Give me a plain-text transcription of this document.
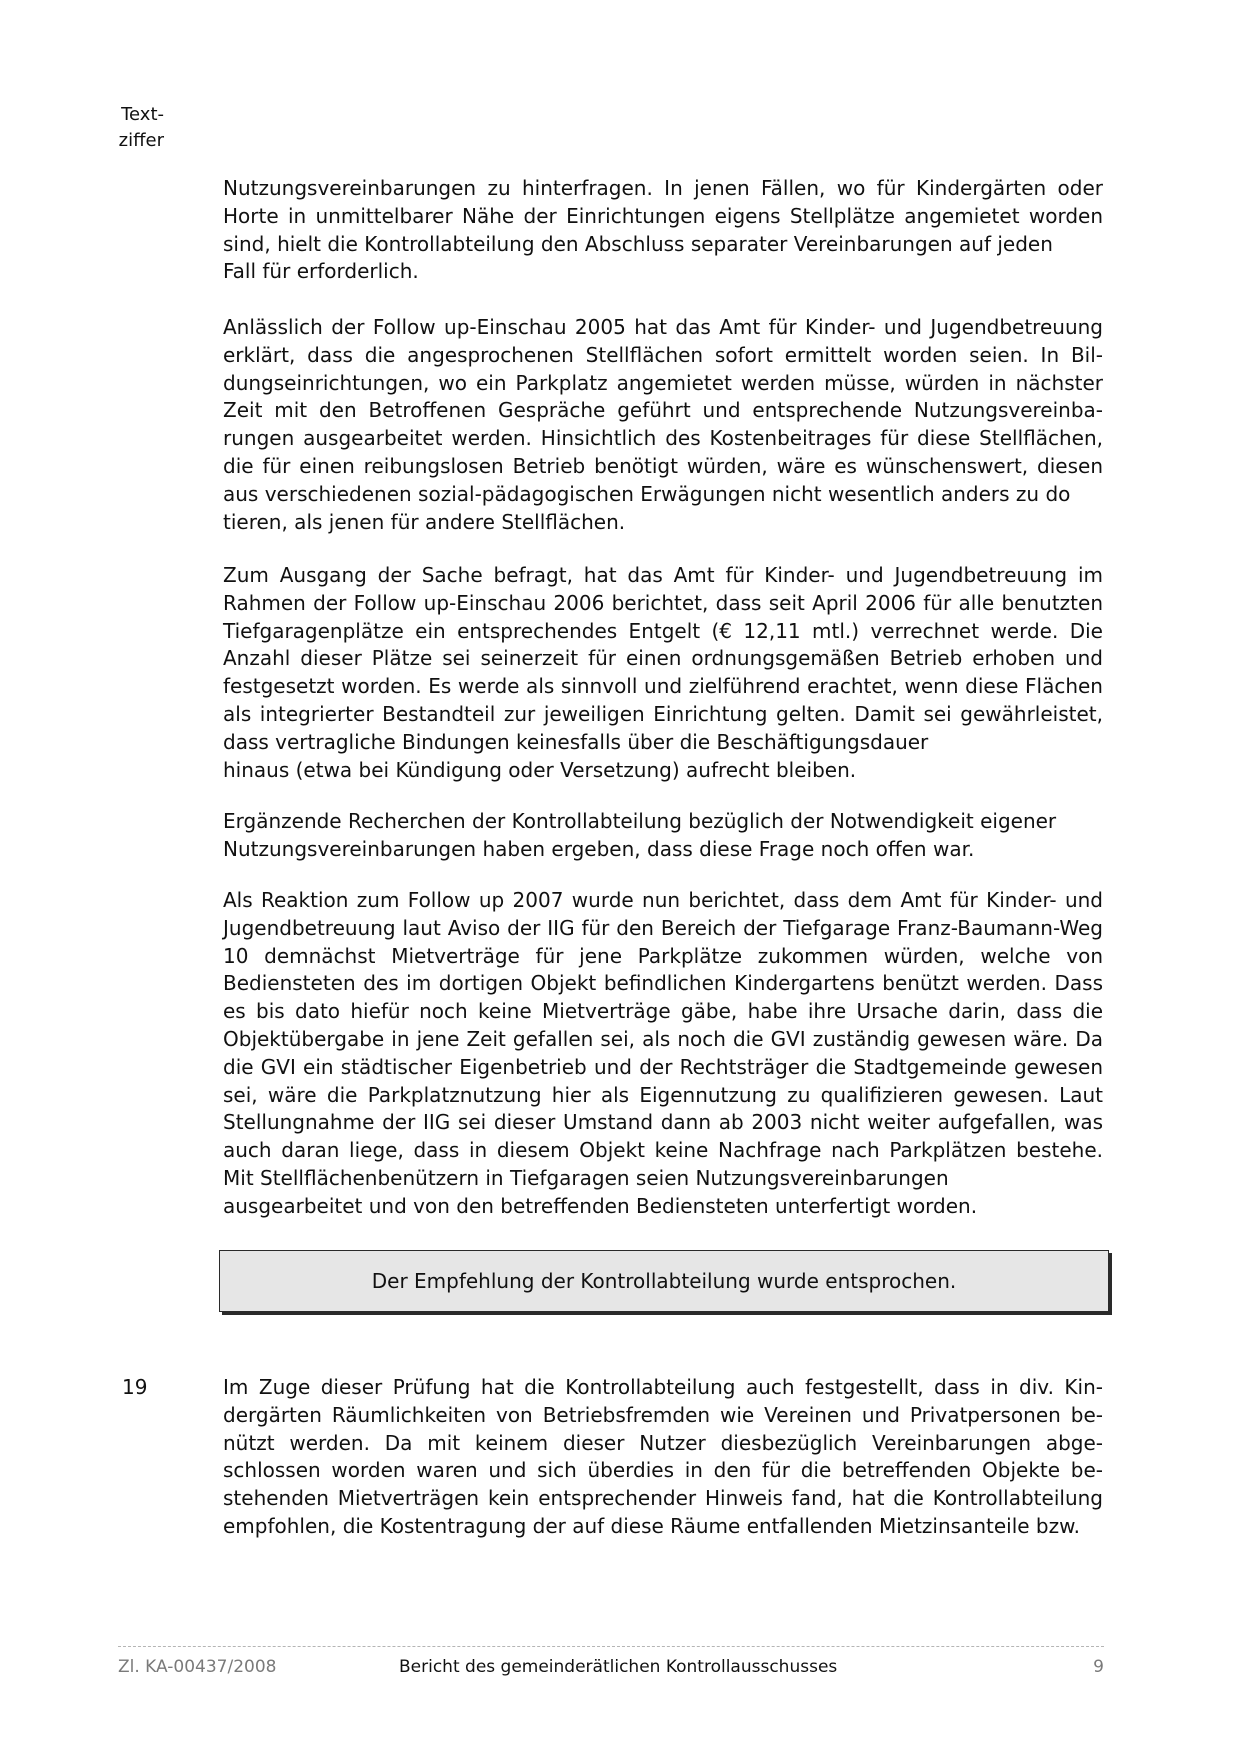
Text-
ziffer

Nutzungsvereinbarungen zu hinterfragen. In jenen Fällen, wo für Kindergärten oder Horte in unmittelbarer Nähe der Einrichtungen eigens Stellplätze angemietet worden sind, hielt die Kontrollabteilung den Abschluss separater Vereinbarungen auf jeden
Fall für erforderlich.

Anlässlich der Follow up-Einschau 2005 hat das Amt für Kinder- und Jugendbetreuung erklärt, dass die angesprochenen Stellflächen sofort ermittelt worden seien. In Bildungseinrichtungen, wo ein Parkplatz angemietet werden müsse, würden in nächster Zeit mit den Betroffenen Gespräche geführt und entsprechende Nutzungsvereinbarungen ausgearbeitet werden. Hinsichtlich des Kostenbeitrages für diese Stellflächen, die für einen reibungslosen Betrieb benötigt würden, wäre es wünschenswert, diesen aus verschiedenen sozial-pädagogischen Erwägungen nicht wesentlich anders zu do
tieren, als jenen für andere Stellflächen.

Zum Ausgang der Sache befragt, hat das Amt für Kinder- und Jugendbetreuung im Rahmen der Follow up-Einschau 2006 berichtet, dass seit April 2006 für alle benutzten Tiefgaragenplätze ein entsprechendes Entgelt (€ 12,11 mtl.) verrechnet werde. Die Anzahl dieser Plätze sei seinerzeit für einen ordnungsgemäßen Betrieb erhoben und festgesetzt worden. Es werde als sinnvoll und zielführend erachtet, wenn diese Flächen als integrierter Bestandteil zur jeweiligen Einrichtung gelten. Damit sei gewährleistet, dass vertragliche Bindungen keinesfalls über die Beschäftigungsdauer
hinaus (etwa bei Kündigung oder Versetzung) aufrecht bleiben.

Ergänzende Recherchen der Kontrollabteilung bezüglich der Notwendigkeit eigener
Nutzungsvereinbarungen haben ergeben, dass diese Frage noch offen war.

Als Reaktion zum Follow up 2007 wurde nun berichtet, dass dem Amt für Kinder- und Jugendbetreuung laut Aviso der IIG für den Bereich der Tiefgarage Franz-Baumann-Weg 10 demnächst Mietverträge für jene Parkplätze zukommen würden, welche von Bediensteten des im dortigen Objekt befindlichen Kindergartens benützt werden. Dass es bis dato hiefür noch keine Mietverträge gäbe, habe ihre Ursache darin, dass die Objektübergabe in jene Zeit gefallen sei, als noch die GVI zuständig gewesen wäre. Da die GVI ein städtischer Eigenbetrieb und der Rechtsträger die Stadtgemeinde gewesen sei, wäre die Parkplatznutzung hier als Eigennutzung zu qualifizieren gewesen. Laut Stellungnahme der IIG sei dieser Umstand dann ab 2003 nicht weiter aufgefallen, was auch daran liege, dass in diesem Objekt keine Nachfrage nach Parkplätzen bestehe. Mit Stellflächenbenützern in Tiefgaragen seien Nutzungsvereinbarungen
ausgearbeitet und von den betreffenden Bediensteten unterfertigt worden.

Der Empfehlung der Kontrollabteilung wurde entsprochen.
19	Im Zuge dieser Prüfung hat die Kontrollabteilung auch festgestellt, dass in div. Kindergärten Räumlichkeiten von Betriebsfremden wie Vereinen und Privatpersonen benützt werden. Da mit keinem dieser Nutzer diesbezüglich Vereinbarungen abgeschlossen worden waren und sich überdies in den für die betreffenden Objekte bestehenden Mietverträgen kein entsprechender Hinweis fand, hat die Kontrollabteilung empfohlen, die Kostentragung der auf diese Räume entfallenden Mietzinsanteile bzw.

Zl. KA-00437/2008	Bericht des gemeinderätlichen Kontrollausschusses	9
